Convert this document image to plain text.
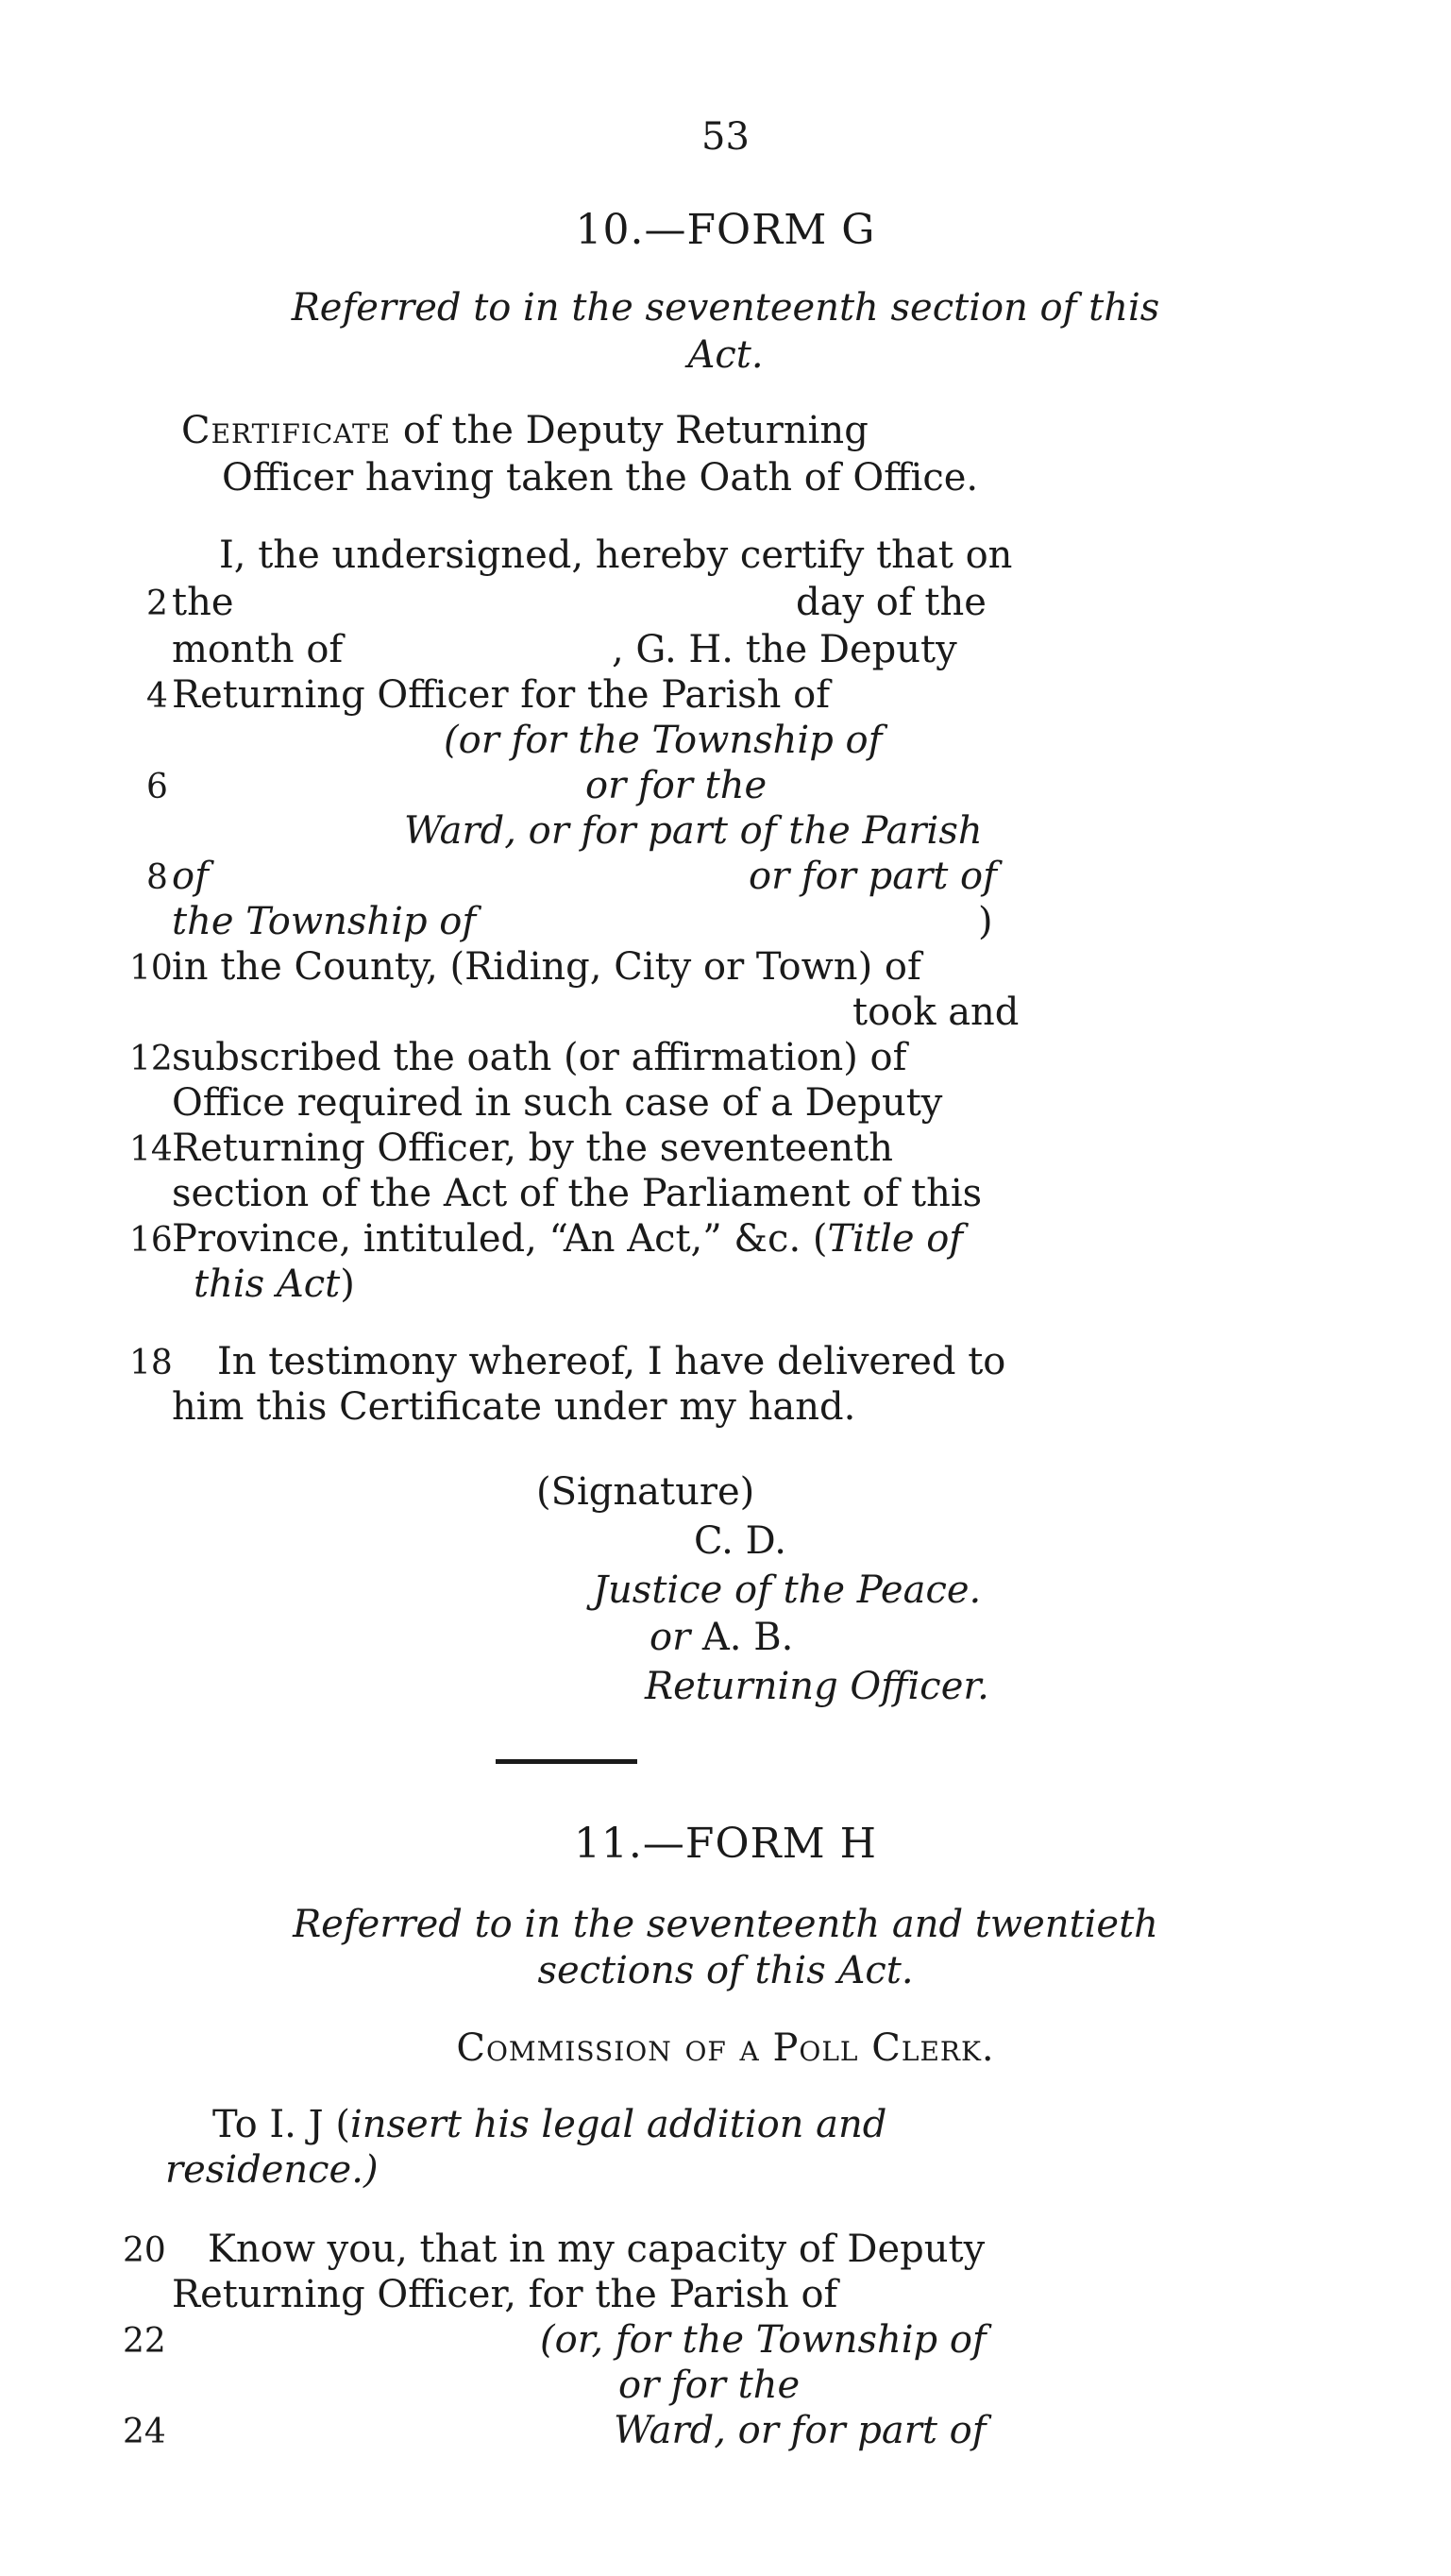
53
10.—FORM G
Referred to in the seventeenth section of this
Act.
Certificate of the Deputy Returning
Officer having taken the Oath of Office.
I, the undersigned, hereby certify that on
the	day of the
month of	, G. H. the Deputy
Returning Officer for the Parish of
(or for the Township of
or for the
Ward, or for part of the Parish
of	or for part of
the Township of	)
in the County, (Riding, City or Town) of
took and
subscribed the oath (or affirmation) of
Office required in such case of a Deputy
Returning Officer, by the seventeenth
section of the Act of the Parliament of this
Province, intituled, “An Act,” &c. (Title of
this Act)
In testimony whereof, I have delivered to
him this Certificate under my hand.
(Signature)
C. D.
Justice of the Peace.
or A. B.
Returning Officer.
11.—FORM H
Referred to in the seventeenth and twentieth
sections of this Act.
Commission of a Poll Clerk.
To I. J (insert his legal addition and
residence.)
Know you, that in my capacity of Deputy
Returning Officer, for the Parish of
(or, for the Township of
or for the
Ward, or for part of
2
4
6
8
10
12
14
16
18
20
22
24
